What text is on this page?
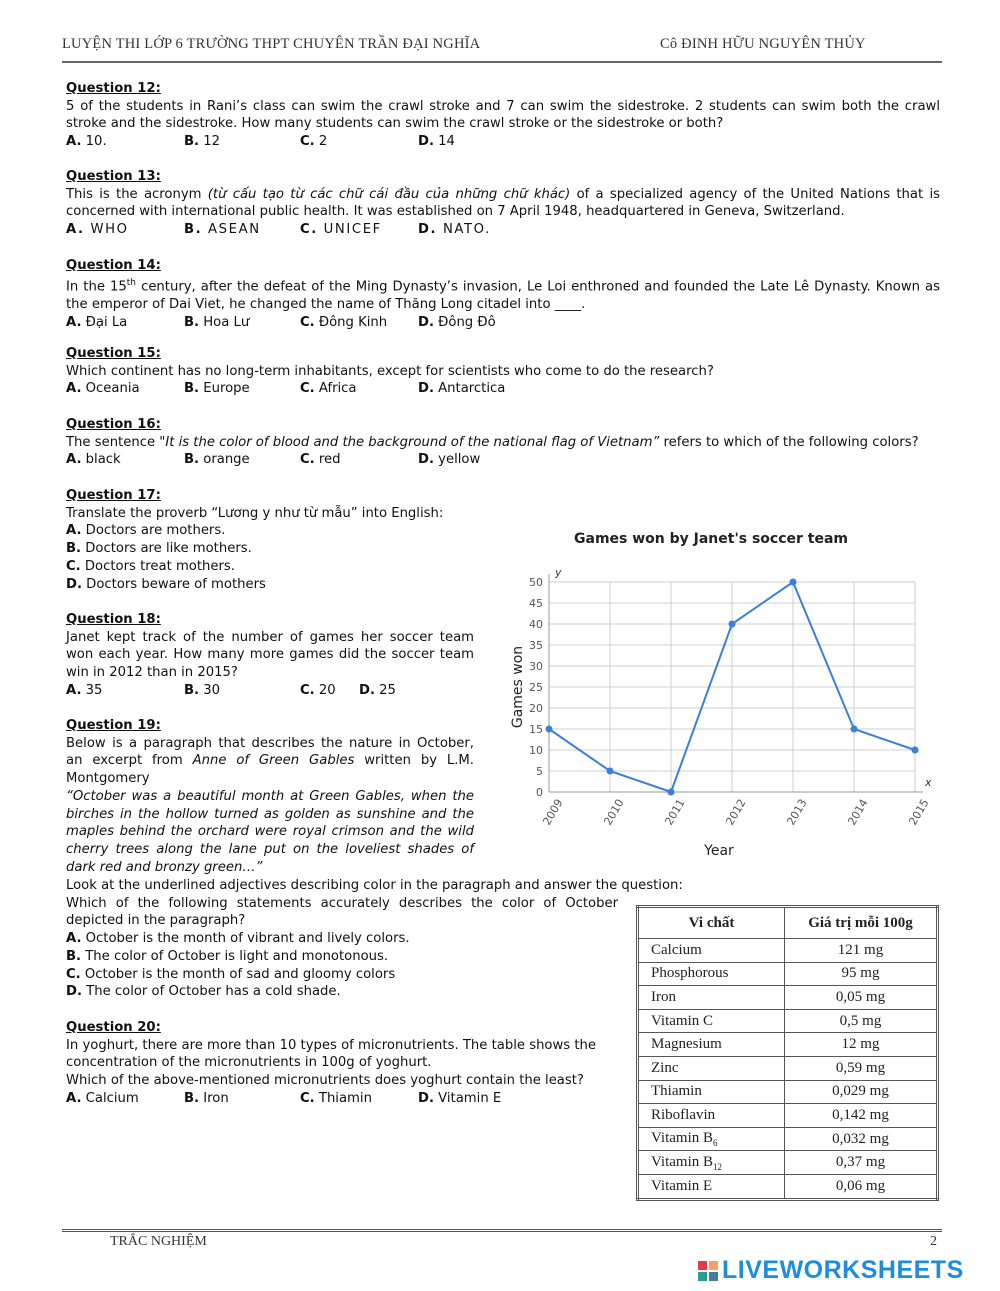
LUYỆN THI LỚP 6 TRƯỜNG THPT CHUYÊN TRẦN ĐẠI NGHĨA	Cô ĐINH HỮU NGUYÊN THỦY
Question 12:
5 of the students in Rani’s class can swim the crawl stroke and 7 can swim the sidestroke. 2 students can swim both the crawl stroke and the sidestroke. How many students can swim the crawl stroke or the sidestroke or both?
A. 10.	B. 12	C. 2	D. 14
Question 13:
This is the acronym (từ cấu tạo từ các chữ cái đầu của những chữ khác) of a specialized agency of the United Nations that is concerned with international public health. It was established on 7 April 1948, headquartered in Geneva, Switzerland.
A. WHO	B. ASEAN	C. UNICEF	D. NATO.
Question 14:
In the 15th century, after the defeat of the Ming Dynasty’s invasion, Le Loi enthroned and founded the Late Lê Dynasty. Known as the emperor of Dai Viet, he changed the name of Thăng Long citadel into ____.
A. Đại La	B. Hoa Lư	C. Đông Kinh D. Đông Đô
Question 15:
Which continent has no long-term inhabitants, except for scientists who come to do the research?
A. Oceania	B. Europe	C. Africa	D. Antarctica
Question 16:
The sentence "It is the color of blood and the background of the national flag of Vietnam” refers to which of the following colors?
A. black	B. orange	C. red	D. yellow
Question 17:
Translate the proverb “Lương y như từ mẫu” into English:
A. Doctors are mothers.
B. Doctors are like mothers.
C. Doctors treat mothers.
D. Doctors beware of mothers
Question 18:
Janet kept track of the number of games her soccer team won each year. How many more games did the soccer team win in 2012 than in 2015?
A. 35	B. 30	C. 20 D. 25
Question 19:
Below is a paragraph that describes the nature in October, an excerpt from Anne of Green Gables written by L.M. Montgomery
“October was a beautiful month at Green Gables, when the birches in the hollow turned as golden as sunshine and the maples behind the orchard were royal crimson and the wild cherry trees along the lane put on the loveliest shades of dark red and bronzy green…”
Look at the underlined adjectives describing color in the paragraph and answer the question:
Which of the following statements accurately describes the color of October depicted in the paragraph?
A. October is the month of vibrant and lively colors.
B. The color of October is light and monotonous.
C. October is the month of sad and gloomy colors
D. The color of October has a cold shade.
Question 20:
In yoghurt, there are more than 10 types of micronutrients. The table shows the concentration of the micronutrients in 100g of yoghurt.
Which of the above-mentioned micronutrients does yoghurt contain the least?
A. Calcium	B. Iron	C. Thiamin	D. Vitamin E
Games won by Janet's soccer team
0
5
10
15
20
25
30
35
40
45
50
2009	2010	2011	2012	2013	2014	2015
x
y
Year
Games won
Vi chất	Giá trị mỗi 100g
Calcium	121 mg
Phosphorous	95 mg
Iron	0,05 mg
Vitamin C	0,5 mg
Magnesium	12 mg
Zinc	0,59 mg
Thiamin	0,029 mg
Riboflavin	0,142 mg
Vitamin $B_6$	0,032 mg
Vitamin $B_{12}$	0,37 mg
Vitamin E	0,06 mg
TRẮC NGHIỆM	2
LIVEWORKSHEETS
